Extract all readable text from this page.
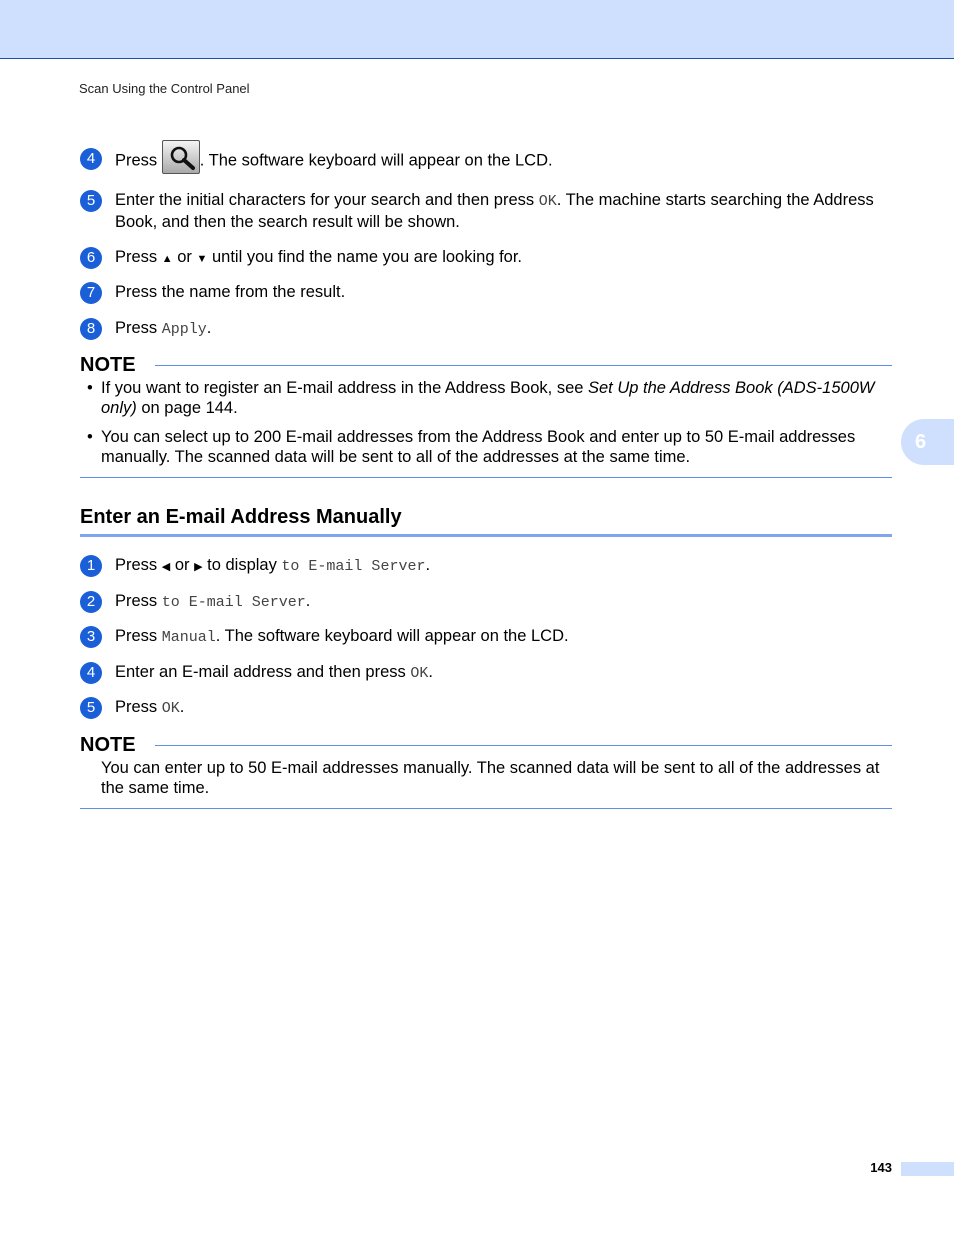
Scan Using the Control Panel
4	Press	. The software keyboard will appear on the LCD.
5	Enter the initial characters for your search and then press OK. The machine starts searching the Address Book, and then the search result will be shown.
6	Press ▲ or ▼ until you find the name you are looking for.
7	Press the name from the result.
8	Press Apply.
NOTE
• If you want to register an E-mail address in the Address Book, see Set Up the Address Book (ADS-1500W only) on page 144.
• You can select up to 200 E-mail addresses from the Address Book and enter up to 50 E-mail addresses manually. The scanned data will be sent to all of the addresses at the same time.
6
Enter an E-mail Address Manually
1	Press ◀ or ▶ to display to E-mail Server.
2	Press to E-mail Server.
3	Press Manual. The software keyboard will appear on the LCD.
4	Enter an E-mail address and then press OK.
5	Press OK.
NOTE
You can enter up to 50 E-mail addresses manually. The scanned data will be sent to all of the addresses at the same time.
143
